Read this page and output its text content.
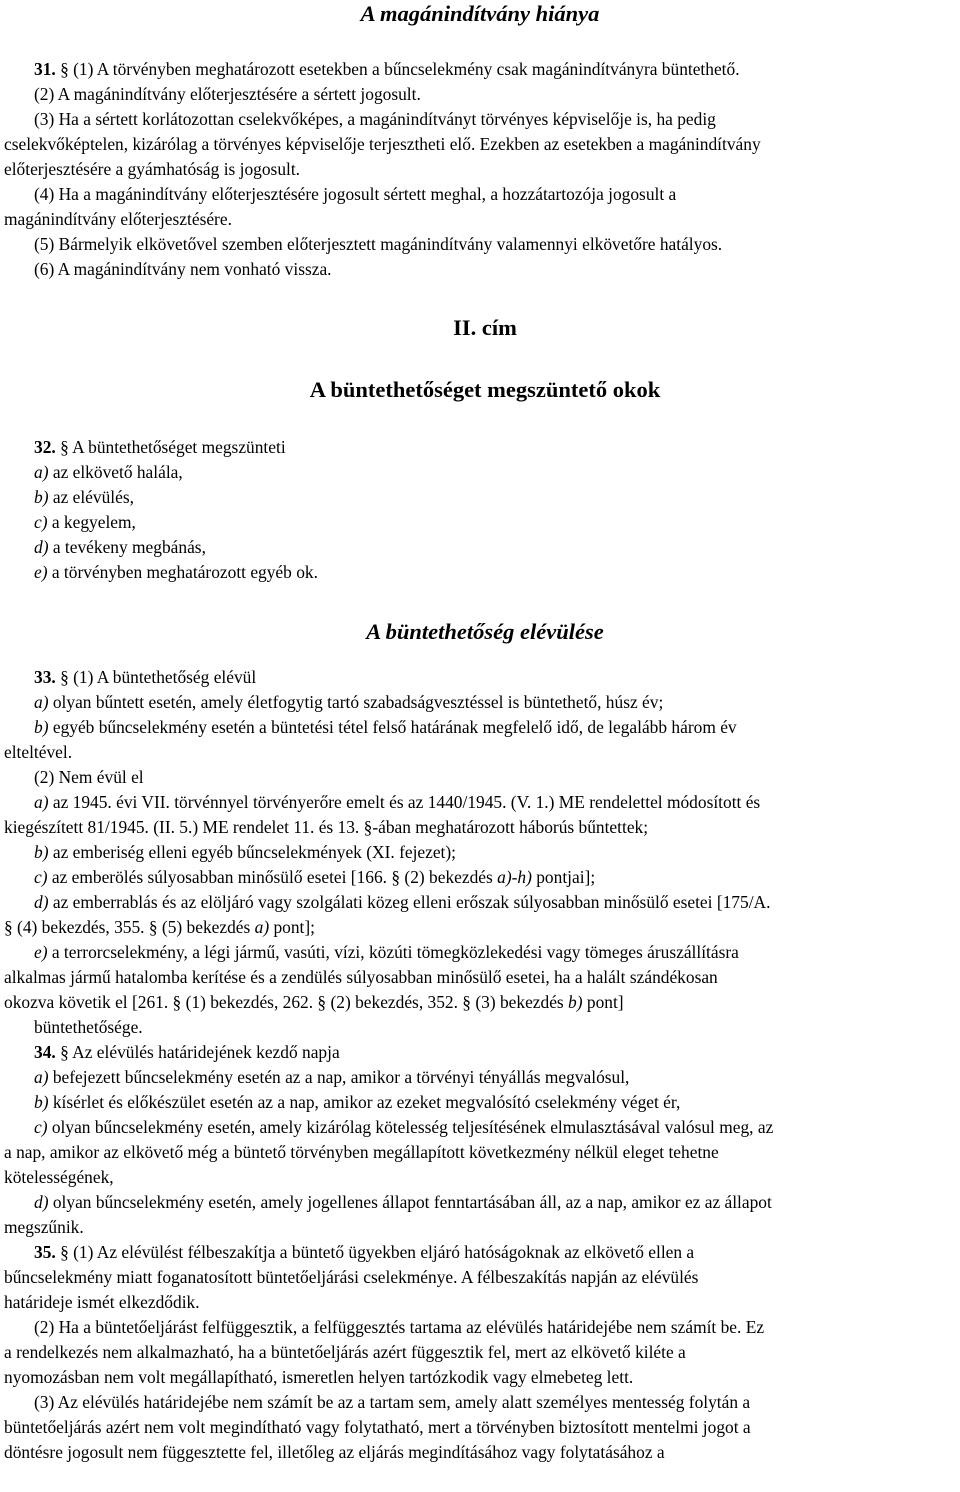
A magánindítvány hiánya
31. § (1) A törvényben meghatározott esetekben a bűncselekmény csak magánindítványra büntethető.
(2) A magánindítvány előterjesztésére a sértett jogosult.
(3) Ha a sértett korlátozottan cselekvőképes, a magánindítványt törvényes képviselője is, ha pedig
cselekvőképtelen, kizárólag a törvényes képviselője terjesztheti elő. Ezekben az esetekben a magánindítvány
előterjesztésére a gyámhatóság is jogosult.
(4) Ha a magánindítvány előterjesztésére jogosult sértett meghal, a hozzátartozója jogosult a
magánindítvány előterjesztésére.
(5) Bármelyik elkövetővel szemben előterjesztett magánindítvány valamennyi elkövetőre hatályos.
(6) A magánindítvány nem vonható vissza.
II. cím
A büntethetőséget megszüntető okok
32. § A büntethetőséget megszünteti
a) az elkövető halála,
b) az elévülés,
c) a kegyelem,
d) a tevékeny megbánás,
e) a törvényben meghatározott egyéb ok.
A büntethetőség elévülése
33. § (1) A büntethetőség elévül
a) olyan bűntett esetén, amely életfogytig tartó szabadságvesztéssel is büntethető, húsz év;
b) egyéb bűncselekmény esetén a büntetési tétel felső határának megfelelő idő, de legalább három év
elteltével.
(2) Nem évül el
a) az 1945. évi VII. törvénnyel törvényerőre emelt és az 1440/1945. (V. 1.) ME rendelettel módosított és
kiegészített 81/1945. (II. 5.) ME rendelet 11. és 13. §-ában meghatározott háborús bűntettek;
b) az emberiség elleni egyéb bűncselekmények (XI. fejezet);
c) az emberölés súlyosabban minősülő esetei [166. § (2) bekezdés a)-h) pontjai];
d) az emberrablás és az elöljáró vagy szolgálati közeg elleni erőszak súlyosabban minősülő esetei [175/A.
§ (4) bekezdés, 355. § (5) bekezdés a) pont];
e) a terrorcselekmény, a légi jármű, vasúti, vízi, közúti tömegközlekedési vagy tömeges áruszállításra
alkalmas jármű hatalomba kerítése és a zendülés súlyosabban minősülő esetei, ha a halált szándékosan
okozva követik el [261. § (1) bekezdés, 262. § (2) bekezdés, 352. § (3) bekezdés b) pont]
büntethetősége.
34. § Az elévülés határidejének kezdő napja
a) befejezett bűncselekmény esetén az a nap, amikor a törvényi tényállás megvalósul,
b) kísérlet és előkészület esetén az a nap, amikor az ezeket megvalósító cselekmény véget ér,
c) olyan bűncselekmény esetén, amely kizárólag kötelesség teljesítésének elmulasztásával valósul meg, az
a nap, amikor az elkövető még a büntető törvényben megállapított következmény nélkül eleget tehetne
kötelességének,
d) olyan bűncselekmény esetén, amely jogellenes állapot fenntartásában áll, az a nap, amikor ez az állapot
megszűnik.
35. § (1) Az elévülést félbeszakítja a büntető ügyekben eljáró hatóságoknak az elkövető ellen a
bűncselekmény miatt foganatosított büntetőeljárási cselekménye. A félbeszakítás napján az elévülés
határideje ismét elkezdődik.
(2) Ha a büntetőeljárást felfüggesztik, a felfüggesztés tartama az elévülés határidejébe nem számít be. Ez
a rendelkezés nem alkalmazható, ha a büntetőeljárás azért függesztik fel, mert az elkövető kiléte a
nyomozásban nem volt megállapítható, ismeretlen helyen tartózkodik vagy elmebeteg lett.
(3) Az elévülés határidejébe nem számít be az a tartam sem, amely alatt személyes mentesség folytán a
büntetőeljárás azért nem volt megindítható vagy folytatható, mert a törvényben biztosított mentelmi jogot a
döntésre jogosult nem függesztette fel, illetőleg az eljárás megindításához vagy folytatásához a
